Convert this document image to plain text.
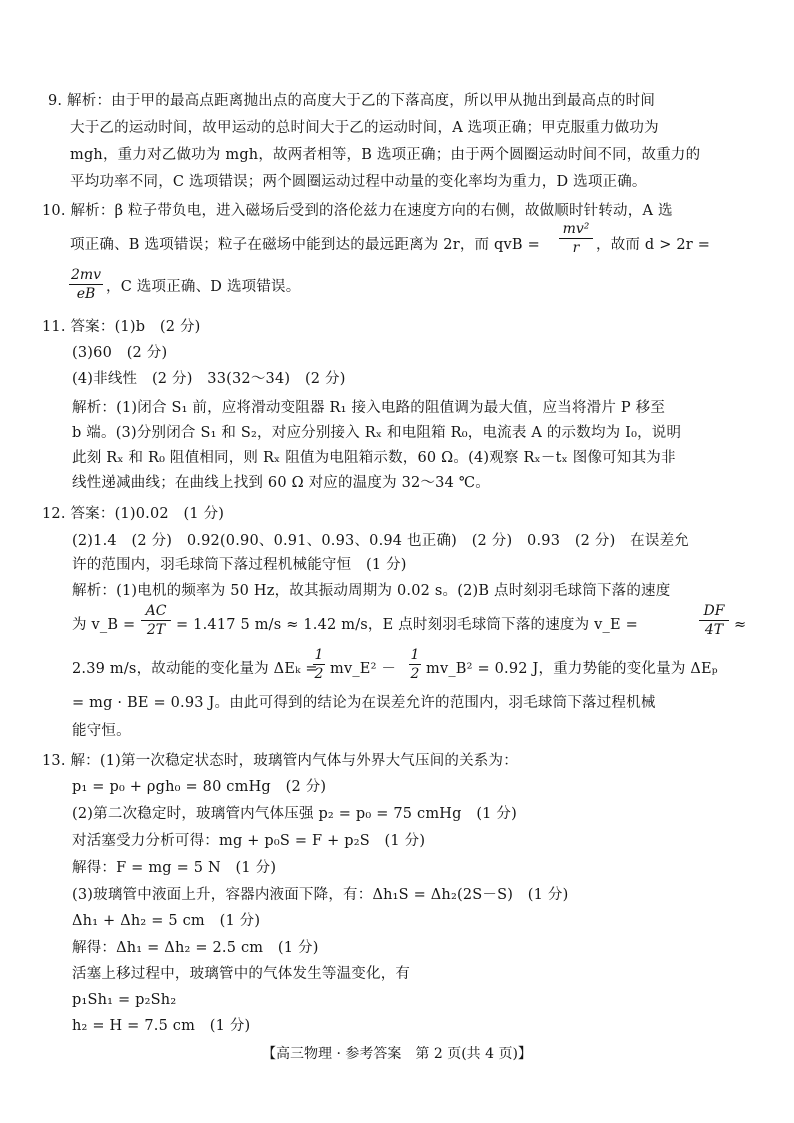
9. 解析：由于甲的最高点距离抛出点的高度大于乙的下落高度，所以甲从抛出到最高点的时间
大于乙的运动时间，故甲运动的总时间大于乙的运动时间，A 选项正确；甲克服重力做功为
mgh，重力对乙做功为 mgh，故两者相等，B 选项正确；由于两个圆圈运动时间不同，故重力的
平均功率不同，C 选项错误；两个圆圈运动过程中动量的变化率均为重力，D 选项正确。
10. 解析：β 粒子带负电，进入磁场后受到的洛伦兹力在速度方向的右侧，故做顺时针转动，A 选
项正确、B 选项错误；粒子在磁场中能到达的最远距离为 2r，而 qvB = $\frac{\text{mv²}}{r}$ ，故而 d > 2r =
$\frac{2mv}{eB}$ ，C 选项正确、D 选项错误。
11. 答案：(1)b　(2 分)
(3)60　(2 分)
(4)非线性　(2 分)　33(32～34)　(2 分)
解析：(1)闭合 S₁ 前，应将滑动变阻器 R₁ 接入电路的阻值调为最大值，应当将滑片 P 移至
b 端。(3)分别闭合 S₁ 和 S₂，对应分别接入 Rₓ 和电阻箱 R₀，电流表 A 的示数均为 I₀，说明
此刻 Rₓ 和 R₀ 阻值相同，则 Rₓ 阻值为电阻箱示数，60 Ω。(4)观察 Rₓ－tₓ 图像可知其为非
线性递减曲线；在曲线上找到 60 Ω 对应的温度为 32～34 ℃。
12. 答案：(1)0.02　(1 分)
(2)1.4　(2 分)　0.92(0.90、0.91、0.93、0.94 也正确)　(2 分)　0.93　(2 分)　在误差允
许的范围内，羽毛球筒下落过程机械能守恒　(1 分)
解析：(1)电机的频率为 50 Hz，故其振动周期为 0.02 s。(2)B 点时刻羽毛球筒下落的速度
为 v_B = $\frac{AC}{2T} = 1.417$ 5 m/s ≈ 1.42 m/s，E 点时刻羽毛球筒下落的速度为 v_E =	$\frac{DF}{4T}$ ≈
2.39 m/s，故动能的变化量为 ΔEₖ =
$\frac{1}{2}$ mv_E² － $\frac{1}{2}$ mv_B² = 0.92 J，重力势能的变化量为 ΔEₚ
= mg · BE = 0.93 J。由此可得到的结论为在误差允许的范围内，羽毛球筒下落过程机械
能守恒。
13. 解：(1)第一次稳定状态时，玻璃管内气体与外界大气压间的关系为：
p₁ = p₀ + ρgh₀ = 80 cmHg　(2 分)
(2)第二次稳定时，玻璃管内气体压强 p₂ = p₀ = 75 cmHg　(1 分)
对活塞受力分析可得：mg + p₀S = F + p₂S　(1 分)
解得：F = mg = 5 N　(1 分)
(3)玻璃管中液面上升，容器内液面下降，有：Δh₁S = Δh₂(2S－S)　(1 分)
Δh₁ + Δh₂ = 5 cm　(1 分)
解得：Δh₁ = Δh₂ = 2.5 cm　(1 分)
活塞上移过程中，玻璃管中的气体发生等温变化，有
p₁Sh₁ = p₂Sh₂
h₂ = H = 7.5 cm　(1 分)
【高三物理 · 参考答案　第 2 页(共 4 页)】
